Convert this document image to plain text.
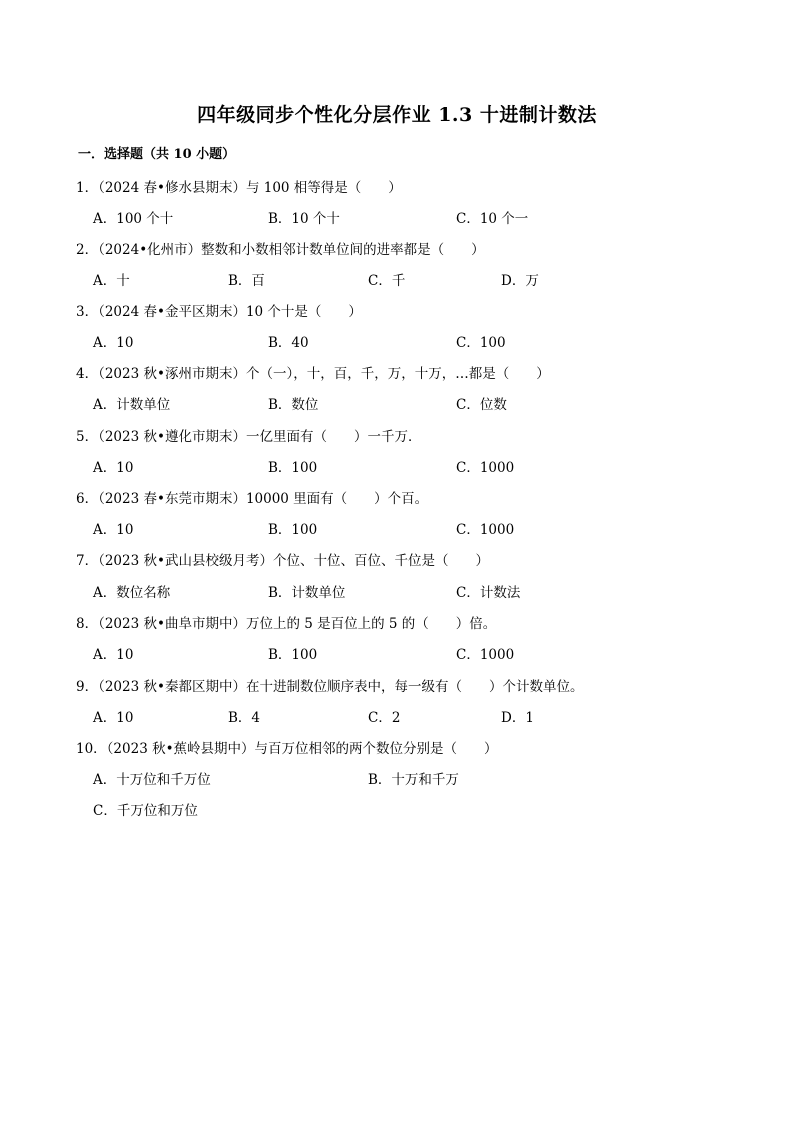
四年级同步个性化分层作业 1.3 十进制计数法
一．选择题（共 10 小题）
1．（2024 春•修水县期末）与 100 相等得是（　　）
A．100 个十	B．10 个十	C．10 个一
2．（2024•化州市）整数和小数相邻计数单位间的进率都是（　　）
A．十	B．百	C．千	D．万
3．（2024 春•金平区期末）10 个十是（　　）
A．10	B．40	C．100
4．（2023 秋•涿州市期末）个（一），十，百，千，万，十万，…都是（　　）
A．计数单位	B．数位	C．位数
5．（2023 秋•遵化市期末）一亿里面有（　　）一千万．
A．10	B．100	C．1000
6．（2023 春•东莞市期末）10000 里面有（　　）个百。
A．10	B．100	C．1000
7．（2023 秋•武山县校级月考）个位、十位、百位、千位是（　　）
A．数位名称	B．计数单位	C．计数法
8．（2023 秋•曲阜市期中）万位上的 5 是百位上的 5 的（　　）倍。
A．10	B．100	C．1000
9．（2023 秋•秦都区期中）在十进制数位顺序表中，每一级有（　　）个计数单位。
A．10	B．4	C．2	D．1
10．（2023 秋•蕉岭县期中）与百万位相邻的两个数位分别是（　　）
A．十万位和千万位	B．十万和千万
C．千万位和万位
